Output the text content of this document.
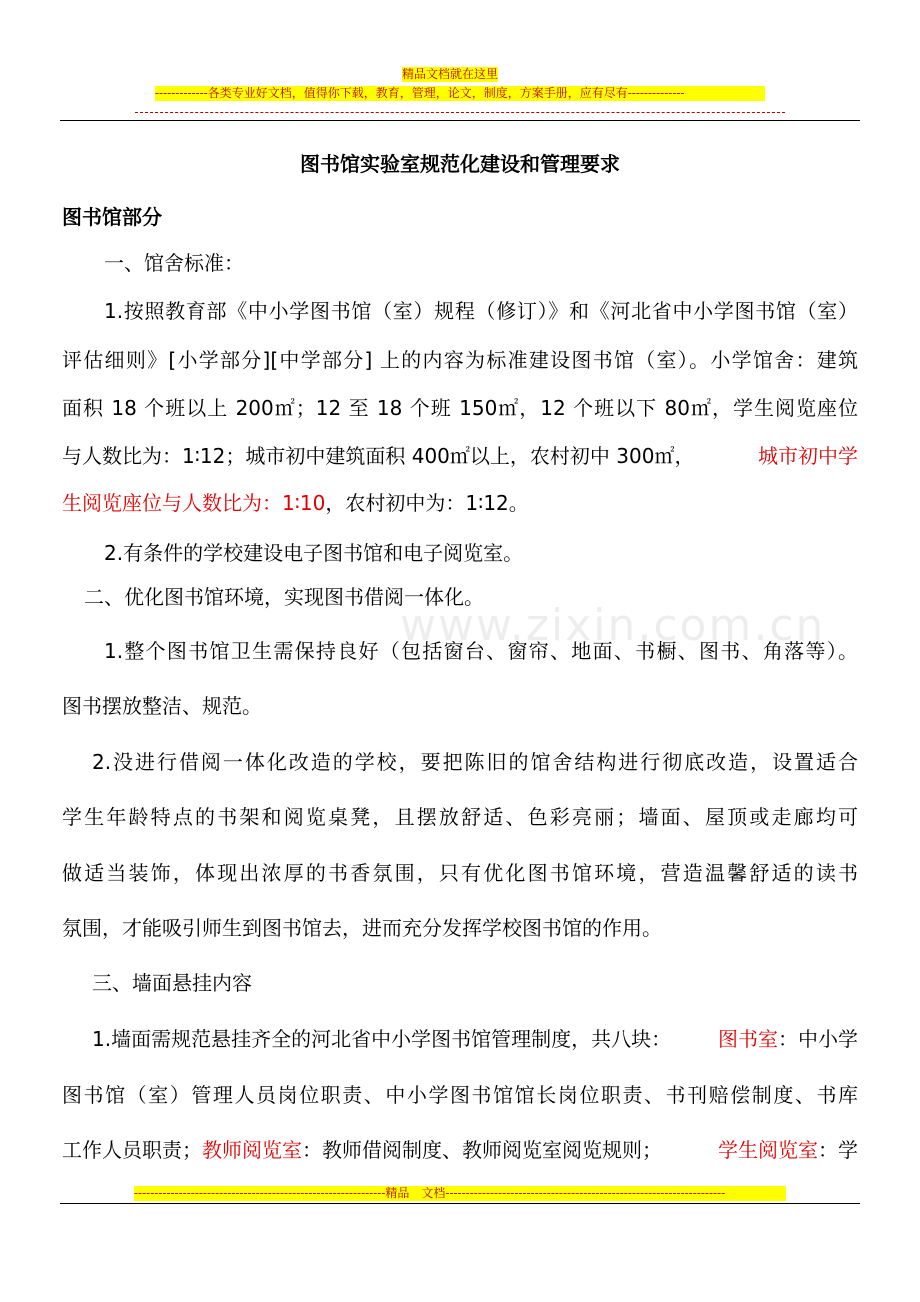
精品文档就在这里
-------------各类专业好文档，值得你下载，教育，管理，论文，制度，方案手册，应有尽有--------------
www.zixin.com.cn
图书馆实验室规范化建设和管理要求
图书馆部分
一、馆舍标准：
1.按照教育部《中小学图书馆（室）规程（修订）》和《河北省中小学图书馆（室）
评估细则》[小学部分][中学部分] 上的内容为标准建设图书馆（室）。小学馆舍：建筑
面积 18 个班以上 200㎡；12 至 18 个班 150㎡，12 个班以下 80㎡，学生阅览座位
与人数比为：1∶12；城市初中建筑面积 400㎡以上，农村初中 300㎡，	城市初中学
生阅览座位与人数比为：1∶10，农村初中为：1∶12。
2.有条件的学校建设电子图书馆和电子阅览室。
二、优化图书馆环境，实现图书借阅一体化。
1.整个图书馆卫生需保持良好（包括窗台、窗帘、地面、书橱、图书、角落等）。
图书摆放整洁、规范。
2.没进行借阅一体化改造的学校，要把陈旧的馆舍结构进行彻底改造，设置适合
学生年龄特点的书架和阅览桌凳，且摆放舒适、色彩亮丽；墙面、屋顶或走廊均可
做适当装饰，体现出浓厚的书香氛围，只有优化图书馆环境，营造温馨舒适的读书
氛围，才能吸引师生到图书馆去，进而充分发挥学校图书馆的作用。
三、墙面悬挂内容
1.墙面需规范悬挂齐全的河北省中小学图书馆管理制度，共八块： 图书室：中小学
图书馆（室）管理人员岗位职责、中小学图书馆馆长岗位职责、书刊赔偿制度、书库
工作人员职责；教师阅览室：教师借阅制度、教师阅览室阅览规则；	学生阅览室：学
--------------------------------------------------------------精品　文档---------------------------------------------------------------------
